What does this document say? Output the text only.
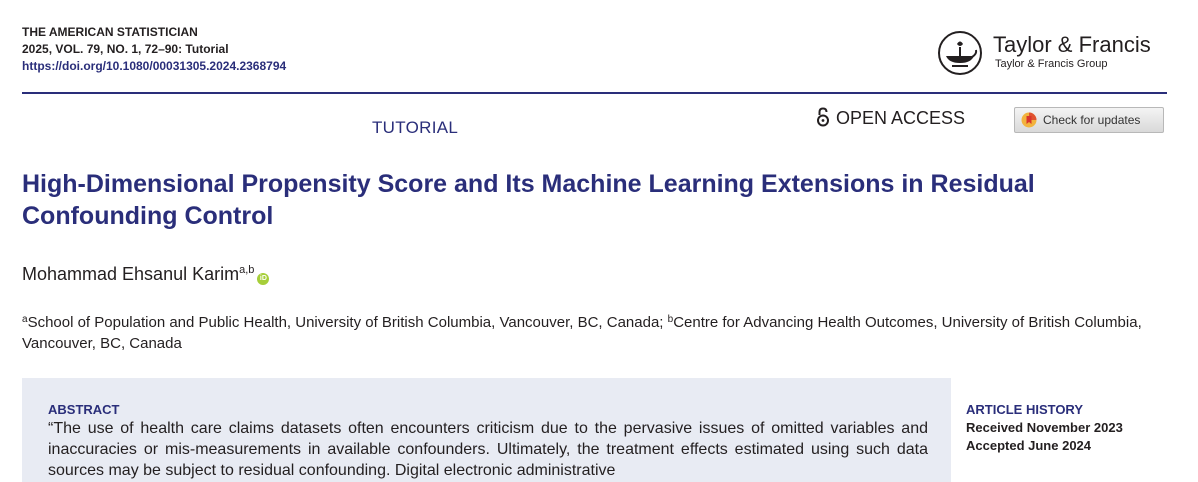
THE AMERICAN STATISTICIAN
2025, VOL. 79, NO. 1, 72–90: Tutorial
https://doi.org/10.1080/00031305.2024.2368794
Taylor & Francis
Taylor & Francis Group
TUTORIAL	OPEN ACCESS	Check for updates
High-Dimensional Propensity Score and Its Machine Learning Extensions in Residual Confounding Control
Mohammad Ehsanul Karim$^{a,b}$iD
$^a$School of Population and Public Health, University of British Columbia, Vancouver, BC, Canada; $^b$Centre for Advancing Health Outcomes, University of British Columbia, Vancouver, BC, Canada
ABSTRACT
“The use of health care claims datasets often encounters criticism due to the pervasive issues of omitted variables and inaccuracies or mis-measurements in available confounders. Ultimately, the treatment effects estimated using such data sources may be subject to residual confounding. Digital electronic administrative
ARTICLE HISTORY
Received November 2023
Accepted June 2024
